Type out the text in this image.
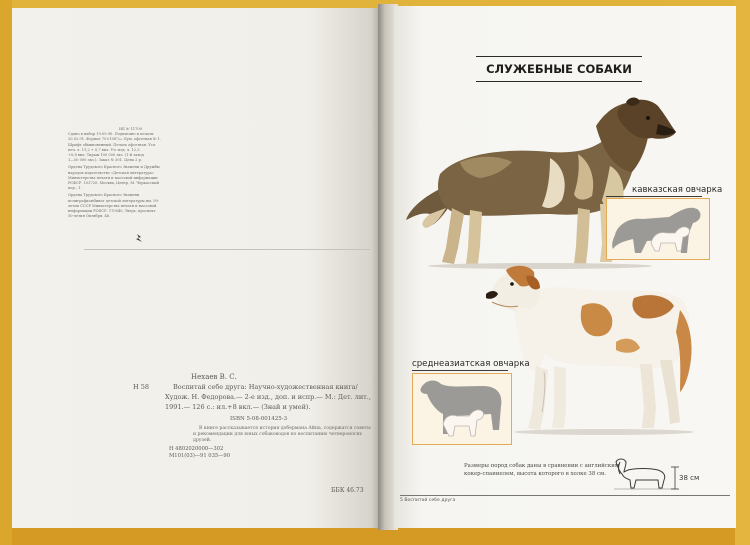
ИБ № 11709
Сдано в набор 19.09.90. Подписано к печати
20.02.91. Формат 70×108¹/₁₆. Бум. офсетная № 1.
Шрифт обыкновенный. Печать офсетная. Усл.
печ. л. 11,2 + 0,7 вкл. Уч.-изд. л. 12,3
+0,8 вкл. Тираж 100 000 экз. (1-й завод
1—50 000 экз.). Заказ № 301. Цена 2 р.
Ордена Трудового Красного Знамени и Дружбы
народов издательство «Детская литература»
Министерства печати и массовой информации
РСФСР. 103720, Москва, Центр, М. Черкасский
пер., 1.
Ордена Трудового Красного Знамени
полиграфкомбинат детской литературы им. 50-
летия СССР Министерства печати и массовой
информации РСФСР. 170040, Тверь, проспект
50-летия Октября, 46.
Н 58
Нехаев В. С.
Воспитай себе друга: Научно-художественная книга/Худож. Н. Федорова.— 2-е изд., доп. и испр.— М.: Дет. лит., 1991.— 126 с.: ил.+8 вкл.— (Знай и умей).
ISBN 5-08-001425-3
В книге рассказывается история добермана Айна, содержатся советы и рекомендации для юных собаководов по воспитанию четвероногих друзей.
Н 4802020000—302
М101(03)—91 035—90
ББК 46.73
СЛУЖЕБНЫЕ СОБАКИ
кавказская овчарка
среднеазиатская овчарка
Размеры пород собак даны в сравнении с английским кокер-спаниелем, высота которого в холке 38 см.	38 см
5 Воспитай себе друга
